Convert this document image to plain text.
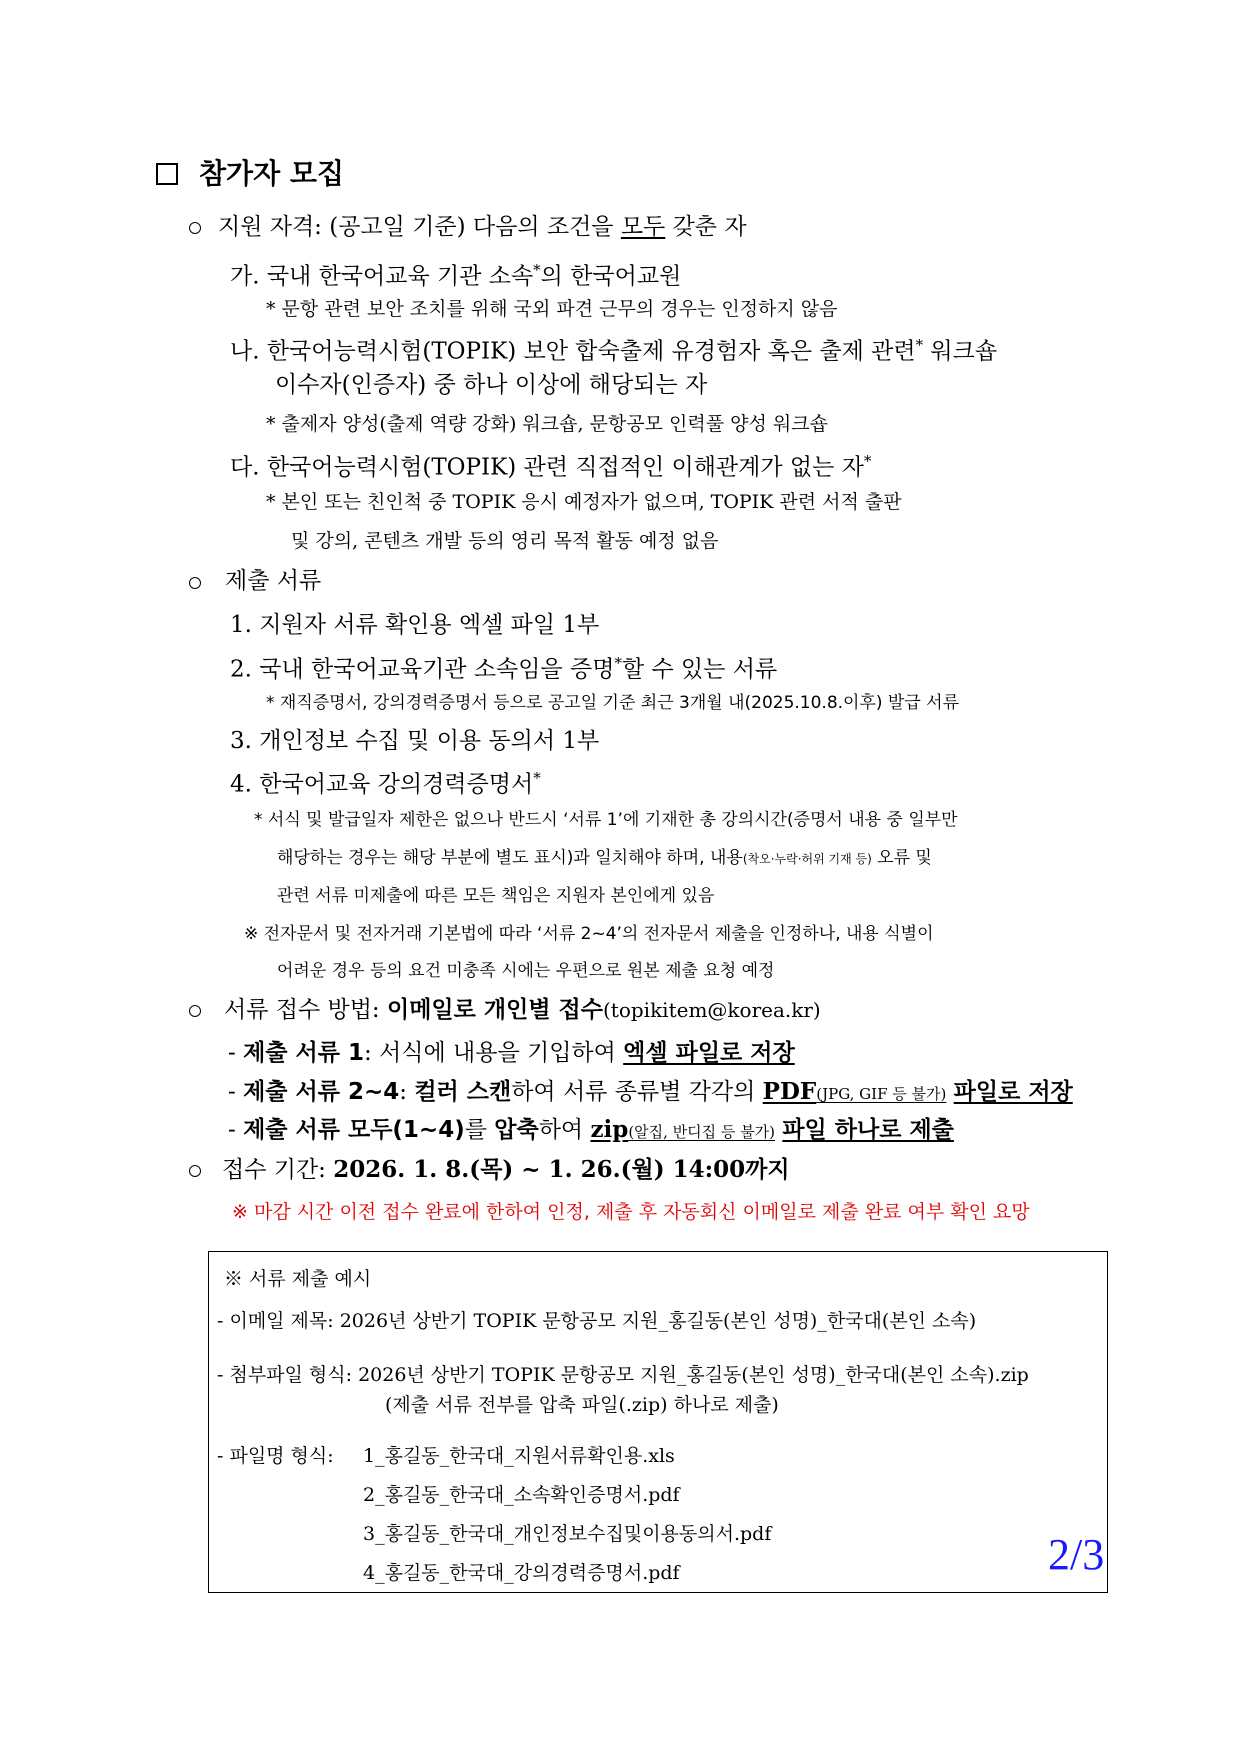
참가자 모집
지원 자격: (공고일 기준) 다음의 조건을 모두 갖춘 자
가. 국내 한국어교육 기관 소속*의 한국어교원
* 문항 관련 보안 조치를 위해 국외 파견 근무의 경우는 인정하지 않음
나. 한국어능력시험(TOPIK) 보안 합숙출제 유경험자 혹은 출제 관련* 워크숍
이수자(인증자) 중 하나 이상에 해당되는 자
* 출제자 양성(출제 역량 강화) 워크숍, 문항공모 인력풀 양성 워크숍
다. 한국어능력시험(TOPIK) 관련 직접적인 이해관계가 없는 자*
* 본인 또는 친인척 중 TOPIK 응시 예정자가 없으며, TOPIK 관련 서적 출판
및 강의, 콘텐츠 개발 등의 영리 목적 활동 예정 없음
제출 서류
1. 지원자 서류 확인용 엑셀 파일 1부
2. 국내 한국어교육기관 소속임을 증명*할 수 있는 서류
* 재직증명서, 강의경력증명서 등으로 공고일 기준 최근 3개월 내(2025.10.8.이후) 발급 서류
3. 개인정보 수집 및 이용 동의서 1부
4. 한국어교육 강의경력증명서*
* 서식 및 발급일자 제한은 없으나 반드시 ‘서류 1’에 기재한 총 강의시간(증명서 내용 중 일부만
해당하는 경우는 해당 부분에 별도 표시)과 일치해야 하며, 내용(착오·누락·허위 기재 등) 오류 및
관련 서류 미제출에 따른 모든 책임은 지원자 본인에게 있음
※ 전자문서 및 전자거래 기본법에 따라 ‘서류 2~4’의 전자문서 제출을 인정하나, 내용 식별이
어려운 경우 등의 요건 미충족 시에는 우편으로 원본 제출 요청 예정
서류 접수 방법: 이메일로 개인별 접수(topikitem@korea.kr)
- 제출 서류 1: 서식에 내용을 기입하여 엑셀 파일로 저장
- 제출 서류 2~4: 컬러 스캔하여 서류 종류별 각각의 PDF(JPG, GIF 등 불가) 파일로 저장
- 제출 서류 모두(1~4)를 압축하여 zip(알집, 반디집 등 불가) 파일 하나로 제출
접수 기간: 2026. 1. 8.(목) ~ 1. 26.(월) 14:00까지
※ 마감 시간 이전 접수 완료에 한하여 인정, 제출 후 자동회신 이메일로 제출 완료 여부 확인 요망
※ 서류 제출 예시
- 이메일 제목: 2026년 상반기 TOPIK 문항공모 지원_홍길동(본인 성명)_한국대(본인 소속)
- 첨부파일 형식: 2026년 상반기 TOPIK 문항공모 지원_홍길동(본인 성명)_한국대(본인 소속).zip
(제출 서류 전부를 압축 파일(.zip) 하나로 제출)
- 파일명 형식: 1_홍길동_한국대_지원서류확인용.xls
2_홍길동_한국대_소속확인증명서.pdf
3_홍길동_한국대_개인정보수집및이용동의서.pdf
4_홍길동_한국대_강의경력증명서.pdf	2/3
